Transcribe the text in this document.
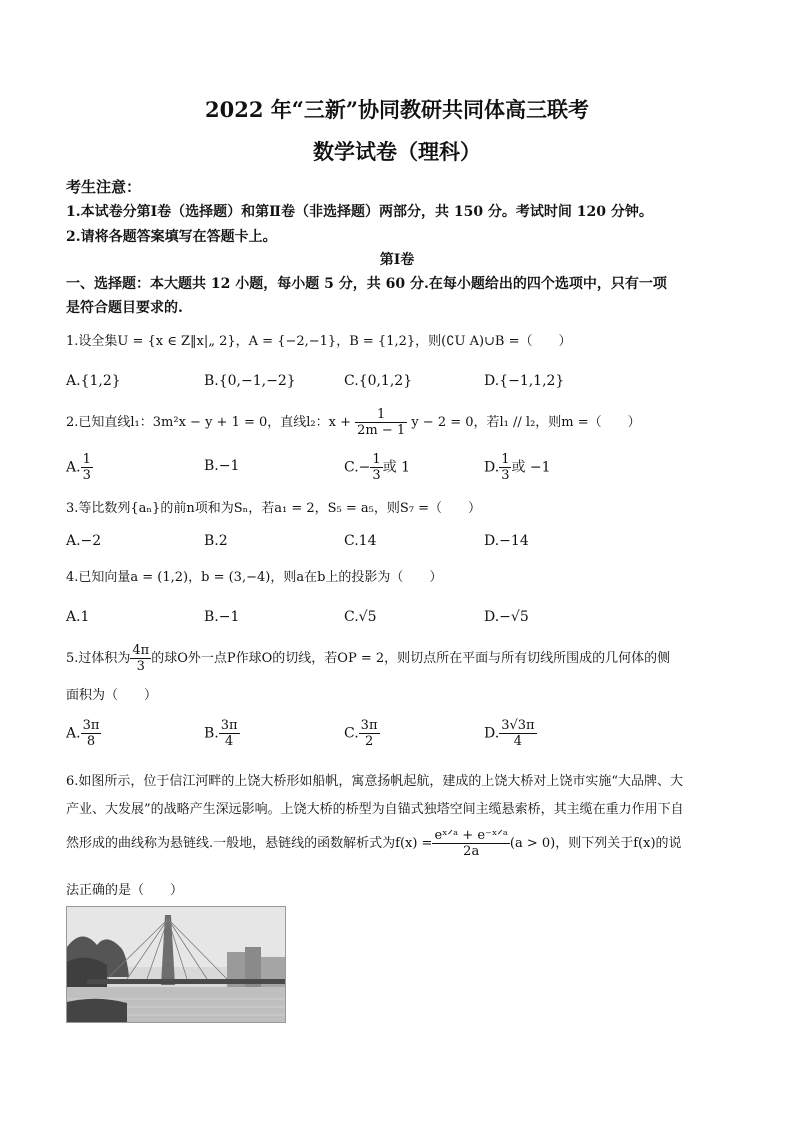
2022 年“三新”协同教研共同体高三联考
数学试卷（理科）
考生注意：
1.本试卷分第Ⅰ卷（选择题）和第Ⅱ卷（非选择题）两部分，共 150 分。考试时间 120 分钟。
2.请将各题答案填写在答题卡上。
第Ⅰ卷
一、选择题：本大题共 12 小题，每小题 5 分，共 60 分.在每小题给出的四个选项中，只有一项
是符合题目要求的.
1.设全集U = {x ∈ Z‖x|„ 2}，A = {−2,−1}，B = {1,2}，则(∁U A)∪B =（　　）
A.{1,2}	B.{0,−1,−2}	C.{0,1,2}	D.{−1,1,2}
2.已知直线l₁：3m²x − y + 1 = 0，直线l₂：$x + \frac{1}{2m - 1}$ y − 2 = 0，若l₁ // l₂，则m =（　　）
A. $\frac{1}{3}$	B.−1	$C.- \frac{1}{3}$ 或 1	D. $\frac{1}{3}$ 或 −1
3.等比数列{aₙ}的前n项和为Sₙ，若a₁ = 2，S₅ = a₅，则S₇ =（　　）
A.−2	B.2	C.14	D.−14
4.已知向量a = (1,2)，b = (3,−4)，则a在b上的投影为（　　）
A.1	B.−1	C.√5	D.−√5
5.过体积为 $\frac{4\pi}{3}$ 的球O外一点P作球O的切线，若OP = 2，则切点所在平面与所有切线所围成的几何体的侧
面积为（　　）
A. $\frac{3\pi}{8}$	B. $\frac{3\pi}{4}$	C. $\frac{3\pi}{2}$	D. $\frac{3√3\pi}{4}$
6.如图所示，位于信江河畔的上饶大桥形如船帆，寓意扬帆起航，建成的上饶大桥对上饶市实施“大品牌、大
产业、大发展”的战略产生深远影响。上饶大桥的桥型为自锚式独塔空间主缆悬索桥，其主缆在重力作用下自
然形成的曲线称为悬链线.一般地，悬链线的函数解析式为$f(x) = \frac{\text{eˣᐟᵃ + e⁻ˣᐟᵃ}}{2a} (a > 0)$，则下列关于f(x)的说
法正确的是（　　）
